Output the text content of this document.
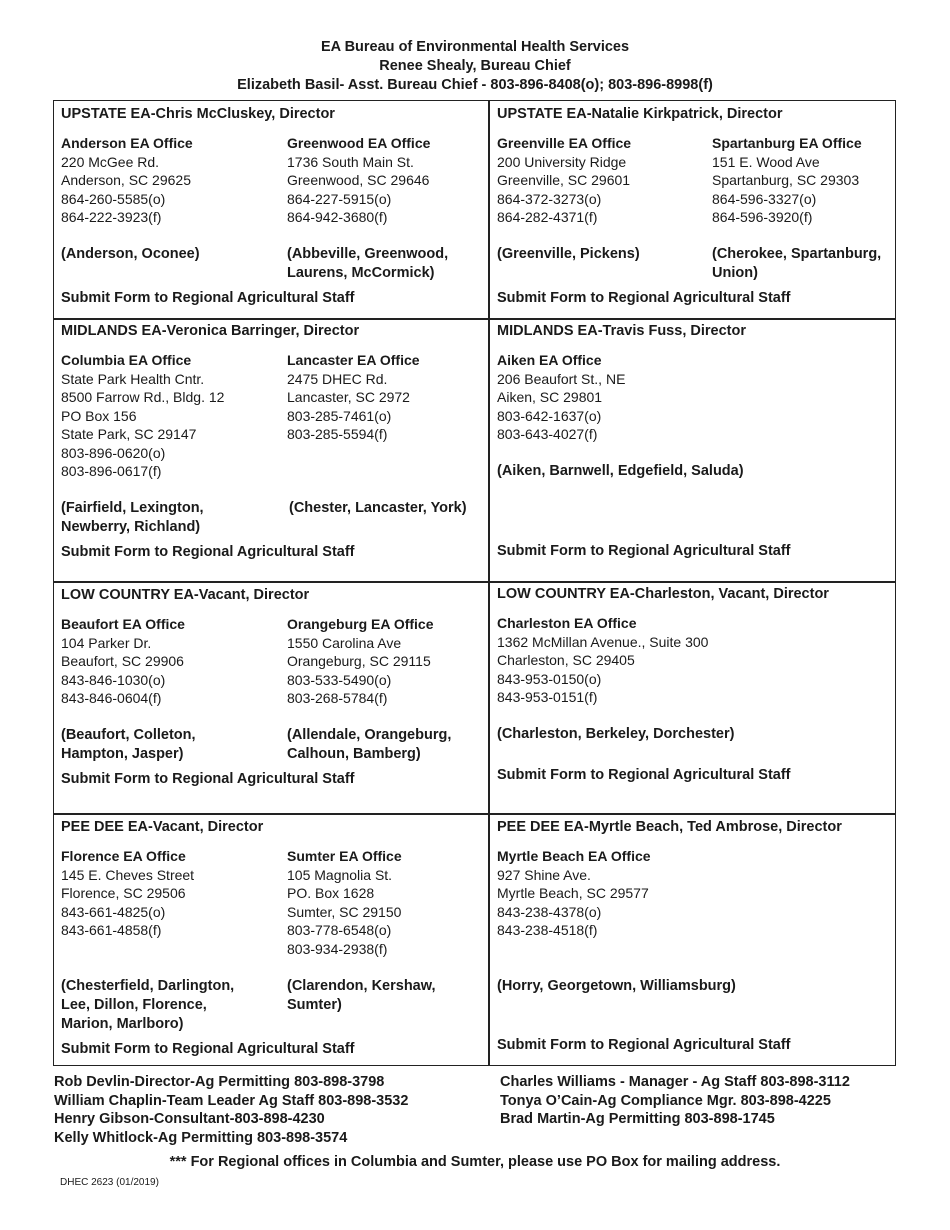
EA Bureau of Environmental Health Services
Renee Shealy, Bureau Chief
Elizabeth Basil- Asst. Bureau Chief - 803-896-8408(o); 803-896-8998(f)
UPSTATE EA-Chris McCluskey, Director
Anderson EA Office
220 McGee Rd.
Anderson, SC 29625
864-260-5585(o)
864-222-3923(f)
(Anderson, Oconee)
Greenwood EA Office
1736 South Main St.
Greenwood, SC 29646
864-227-5915(o)
864-942-3680(f)
(Abbeville, Greenwood,
Laurens, McCormick)
Submit Form to Regional Agricultural Staff
UPSTATE EA-Natalie Kirkpatrick, Director
Greenville EA Office
200 University Ridge
Greenville, SC 29601
864-372-3273(o)
864-282-4371(f)
(Greenville, Pickens)
Spartanburg EA Office
151 E. Wood Ave
Spartanburg, SC 29303
864-596-3327(o)
864-596-3920(f)
(Cherokee, Spartanburg,
Union)
Submit Form to Regional Agricultural Staff
MIDLANDS EA-Veronica Barringer, Director
Columbia EA Office
State Park Health Cntr.
8500 Farrow Rd., Bldg. 12
PO Box 156
State Park, SC 29147
803-896-0620(o)
803-896-0617(f)
(Fairfield, Lexington,
Newberry, Richland)
Lancaster EA Office
2475 DHEC Rd.
Lancaster, SC 2972
803-285-7461(o)
803-285-5594(f)
(Chester, Lancaster, York)
Submit Form to Regional Agricultural Staff
MIDLANDS EA-Travis Fuss, Director
Aiken EA Office
206 Beaufort St., NE
Aiken, SC 29801
803-642-1637(o)
803-643-4027(f)
(Aiken, Barnwell, Edgefield, Saluda)
Submit Form to Regional Agricultural Staff
LOW COUNTRY EA-Vacant, Director
Beaufort EA Office
104 Parker Dr.
Beaufort, SC 29906
843-846-1030(o)
843-846-0604(f)
(Beaufort, Colleton,
Hampton, Jasper)
Orangeburg EA Office
1550 Carolina Ave
Orangeburg, SC 29115
803-533-5490(o)
803-268-5784(f)
(Allendale, Orangeburg,
Calhoun, Bamberg)
Submit Form to Regional Agricultural Staff
LOW COUNTRY EA-Charleston, Vacant, Director
Charleston EA Office
1362 McMillan Avenue., Suite 300
Charleston, SC 29405
843-953-0150(o)
843-953-0151(f)
(Charleston, Berkeley, Dorchester)
Submit Form to Regional Agricultural Staff
PEE DEE EA-Vacant, Director
Florence EA Office
145 E. Cheves Street
Florence, SC 29506
843-661-4825(o)
843-661-4858(f)
(Chesterfield, Darlington,
Lee, Dillon, Florence,
Marion, Marlboro)
Sumter EA Office
105 Magnolia St.
PO. Box 1628
Sumter, SC 29150
803-778-6548(o)
803-934-2938(f)
(Clarendon, Kershaw,
Sumter)
Submit Form to Regional Agricultural Staff
PEE DEE EA-Myrtle Beach, Ted Ambrose, Director
Myrtle Beach EA Office
927 Shine Ave.
Myrtle Beach, SC 29577
843-238-4378(o)
843-238-4518(f)
(Horry, Georgetown, Williamsburg)
Submit Form to Regional Agricultural Staff
Rob Devlin-Director-Ag Permitting 803-898-3798
William Chaplin-Team Leader Ag Staff 803-898-3532
Henry Gibson-Consultant-803-898-4230
Kelly Whitlock-Ag Permitting 803-898-3574
Charles Williams - Manager - Ag Staff 803-898-3112
Tonya O’Cain-Ag Compliance Mgr. 803-898-4225
Brad Martin-Ag Permitting 803-898-1745
*** For Regional offices in Columbia and Sumter, please use PO Box for mailing address.
DHEC 2623 (01/2019)
